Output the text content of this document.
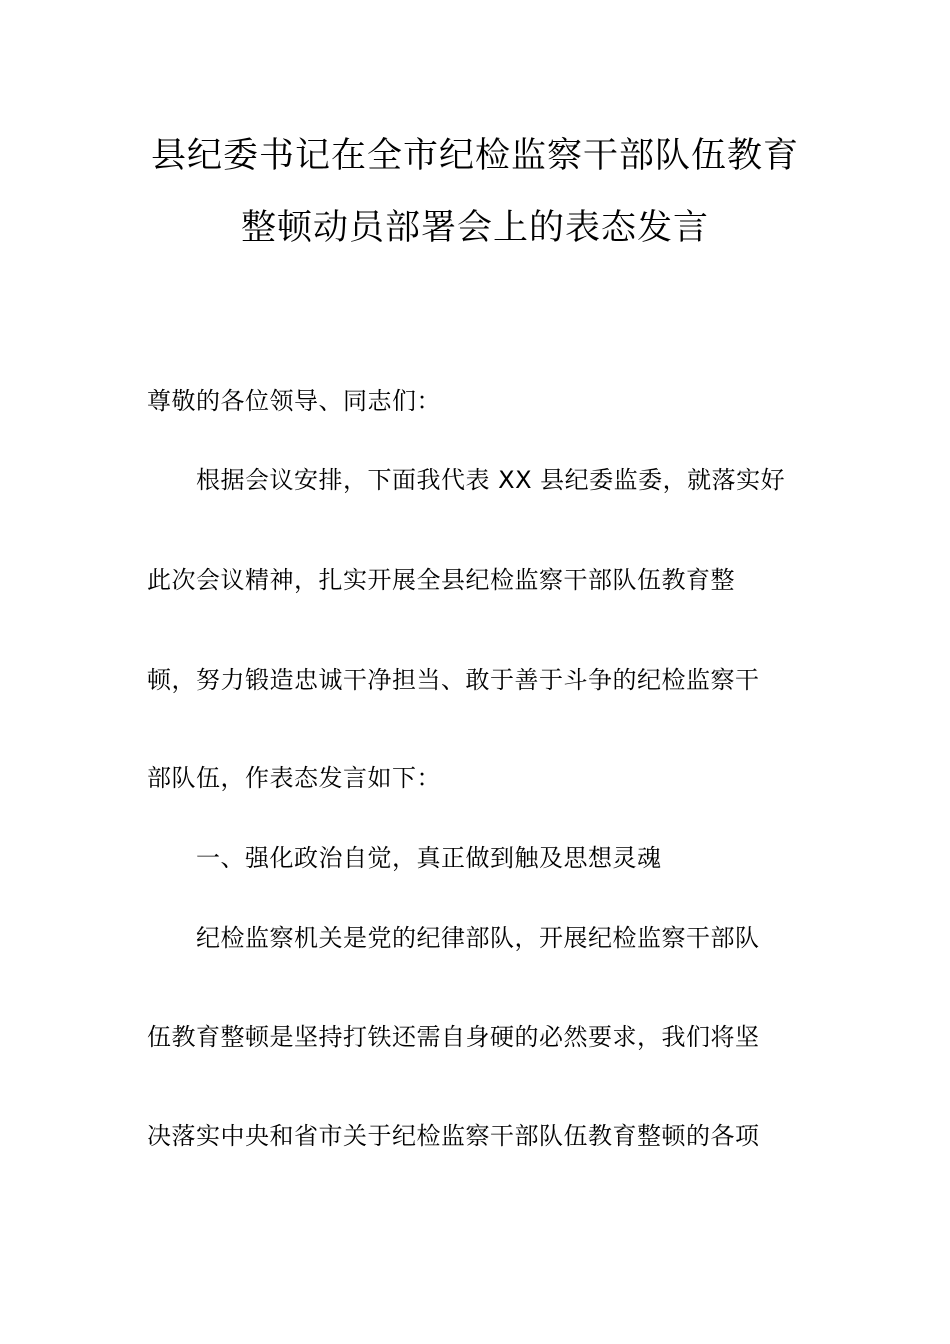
县纪委书记在全市纪检监察干部队伍教育
整顿动员部署会上的表态发言

尊敬的各位领导、同志们：

根据会议安排，下面我代表 XX 县纪委监委，就落实好

此次会议精神，扎实开展全县纪检监察干部队伍教育整

顿，努力锻造忠诚干净担当、敢于善于斗争的纪检监察干

部队伍，作表态发言如下：

一、强化政治自觉，真正做到触及思想灵魂

纪检监察机关是党的纪律部队，开展纪检监察干部队

伍教育整顿是坚持打铁还需自身硬的必然要求，我们将坚

决落实中央和省市关于纪检监察干部队伍教育整顿的各项
